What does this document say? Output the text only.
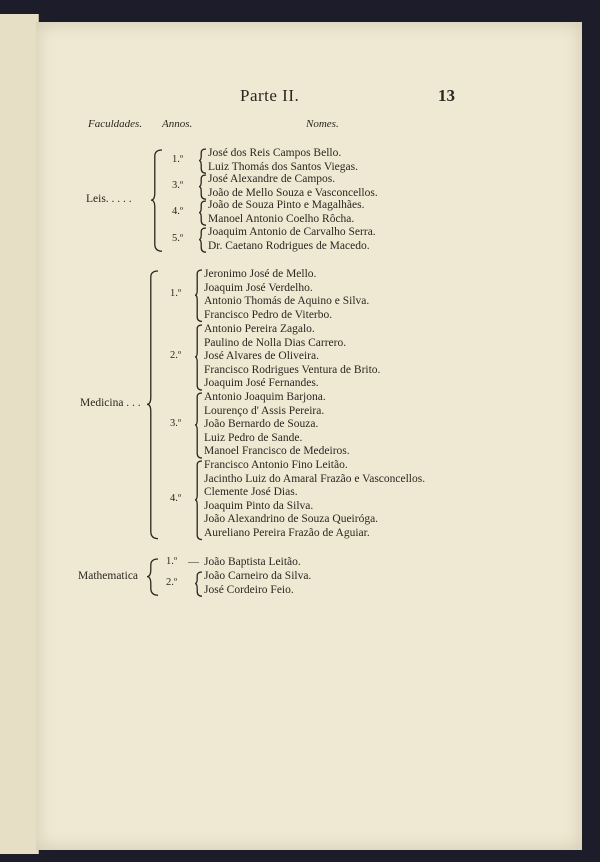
Parte II.	13
Faculdades. Annos.	Nomes.
José dos Reis Campos Bello.
Luiz Thomás dos Santos Viegas.
1.º
José Alexandre de Campos.
João de Mello Souza e Vasconcellos.
3.º
João de Souza Pinto e Magalhães.
Manoel Antonio Coelho Rôcha.
4.º
Joaquim Antonio de Carvalho Serra.
Dr. Caetano Rodrigues de Macedo.
5.º
Leis. . . . .
Jeronimo José de Mello.
Joaquim José Verdelho.
Antonio Thomás de Aquino e Silva.
Francisco Pedro de Viterbo.
1.º
Antonio Pereira Zagalo.
Paulino de Nolla Dias Carrero.
José Alvares de Oliveira.
Francisco Rodrigues Ventura de Brito.
Joaquim José Fernandes.
2.º
Antonio Joaquim Barjona.
Lourenço d' Assis Pereira.
João Bernardo de Souza.
Luiz Pedro de Sande.
Manoel Francisco de Medeiros.
3.º
Francisco Antonio Fino Leitão.
Jacintho Luiz do Amaral Frazão e Vasconcellos.
Clemente José Dias.
Joaquim Pinto da Silva.
João Alexandrino de Souza Queiróga.
Aureliano Pereira Frazão de Aguiar.
4.º
Medicina . . .
João Baptista Leitão.
1.º —
João Carneiro da Silva.
José Cordeiro Feio.
2.º
Mathematica
